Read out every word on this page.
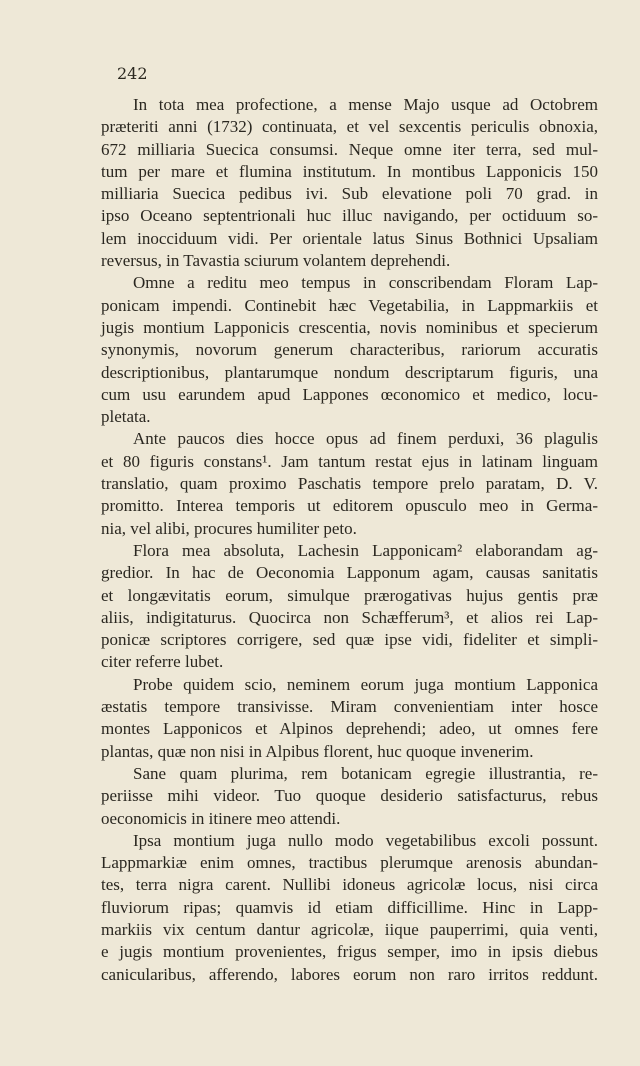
242

In tota mea profectione, a mense Majo usque ad Octobrem
præteriti anni (1732) continuata, et vel sexcentis periculis obnoxia,
672 milliaria Suecica consumsi. Neque omne iter terra, sed mul-
tum per mare et flumina institutum. In montibus Lapponicis 150
milliaria Suecica pedibus ivi. Sub elevatione poli 70 grad. in
ipso Oceano septentrionali huc illuc navigando, per octiduum so-
lem inocciduum vidi. Per orientale latus Sinus Bothnici Upsaliam
reversus, in Tavastia sciurum volantem deprehendi.

Omne a reditu meo tempus in conscribendam Floram Lap-
ponicam impendi. Continebit hæc Vegetabilia, in Lappmarkiis et
jugis montium Lapponicis crescentia, novis nominibus et specierum
synonymis, novorum generum characteribus, rariorum accuratis
descriptionibus, plantarumque nondum descriptarum figuris, una
cum usu earundem apud Lappones œconomico et medico, locu-
pletata.

Ante paucos dies hocce opus ad finem perduxi, 36 plagulis
et 80 figuris constans¹. Jam tantum restat ejus in latinam linguam
translatio, quam proximo Paschatis tempore prelo paratam, D. V.
promitto. Interea temporis ut editorem opusculo meo in Germa-
nia, vel alibi, procures humiliter peto.

Flora mea absoluta, Lachesin Lapponicam² elaborandam ag-
gredior. In hac de Oeconomia Lapponum agam, causas sanitatis
et longævitatis eorum, simulque prærogativas hujus gentis præ
aliis, indigitaturus. Quocirca non Schæfferum³, et alios rei Lap-
ponicæ scriptores corrigere, sed quæ ipse vidi, fideliter et simpli-
citer referre lubet.

Probe quidem scio, neminem eorum juga montium Lapponica
æstatis tempore transivisse. Miram convenientiam inter hosce
montes Lapponicos et Alpinos deprehendi; adeo, ut omnes fere
plantas, quæ non nisi in Alpibus florent, huc quoque invenerim.

Sane quam plurima, rem botanicam egregie illustrantia, re-
periisse mihi videor. Tuo quoque desiderio satisfacturus, rebus
oeconomicis in itinere meo attendi.

Ipsa montium juga nullo modo vegetabilibus excoli possunt.
Lappmarkiæ enim omnes, tractibus plerumque arenosis abundan-
tes, terra nigra carent. Nullibi idoneus agricolæ locus, nisi circa
fluviorum ripas; quamvis id etiam difficillime. Hinc in Lapp-
markiis vix centum dantur agricolæ, iique pauperrimi, quia venti,
e jugis montium provenientes, frigus semper, imo in ipsis diebus
canicularibus, afferendo, labores eorum non raro irritos reddunt.
